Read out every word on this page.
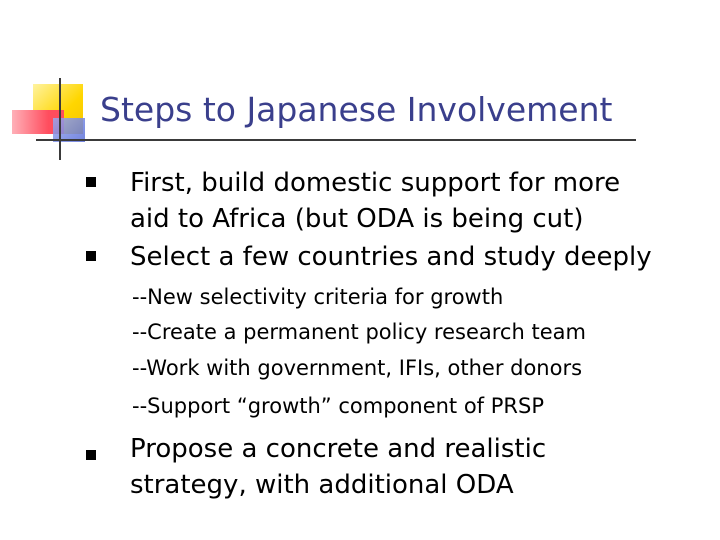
Steps to Japanese Involvement
First, build domestic support for more
aid to Africa (but ODA is being cut)
Select a few countries and study deeply
--New selectivity criteria for growth
--Create a permanent policy research team
--Work with government, IFIs, other donors
--Support “growth” component of PRSP
Propose a concrete and realistic
strategy, with additional ODA
